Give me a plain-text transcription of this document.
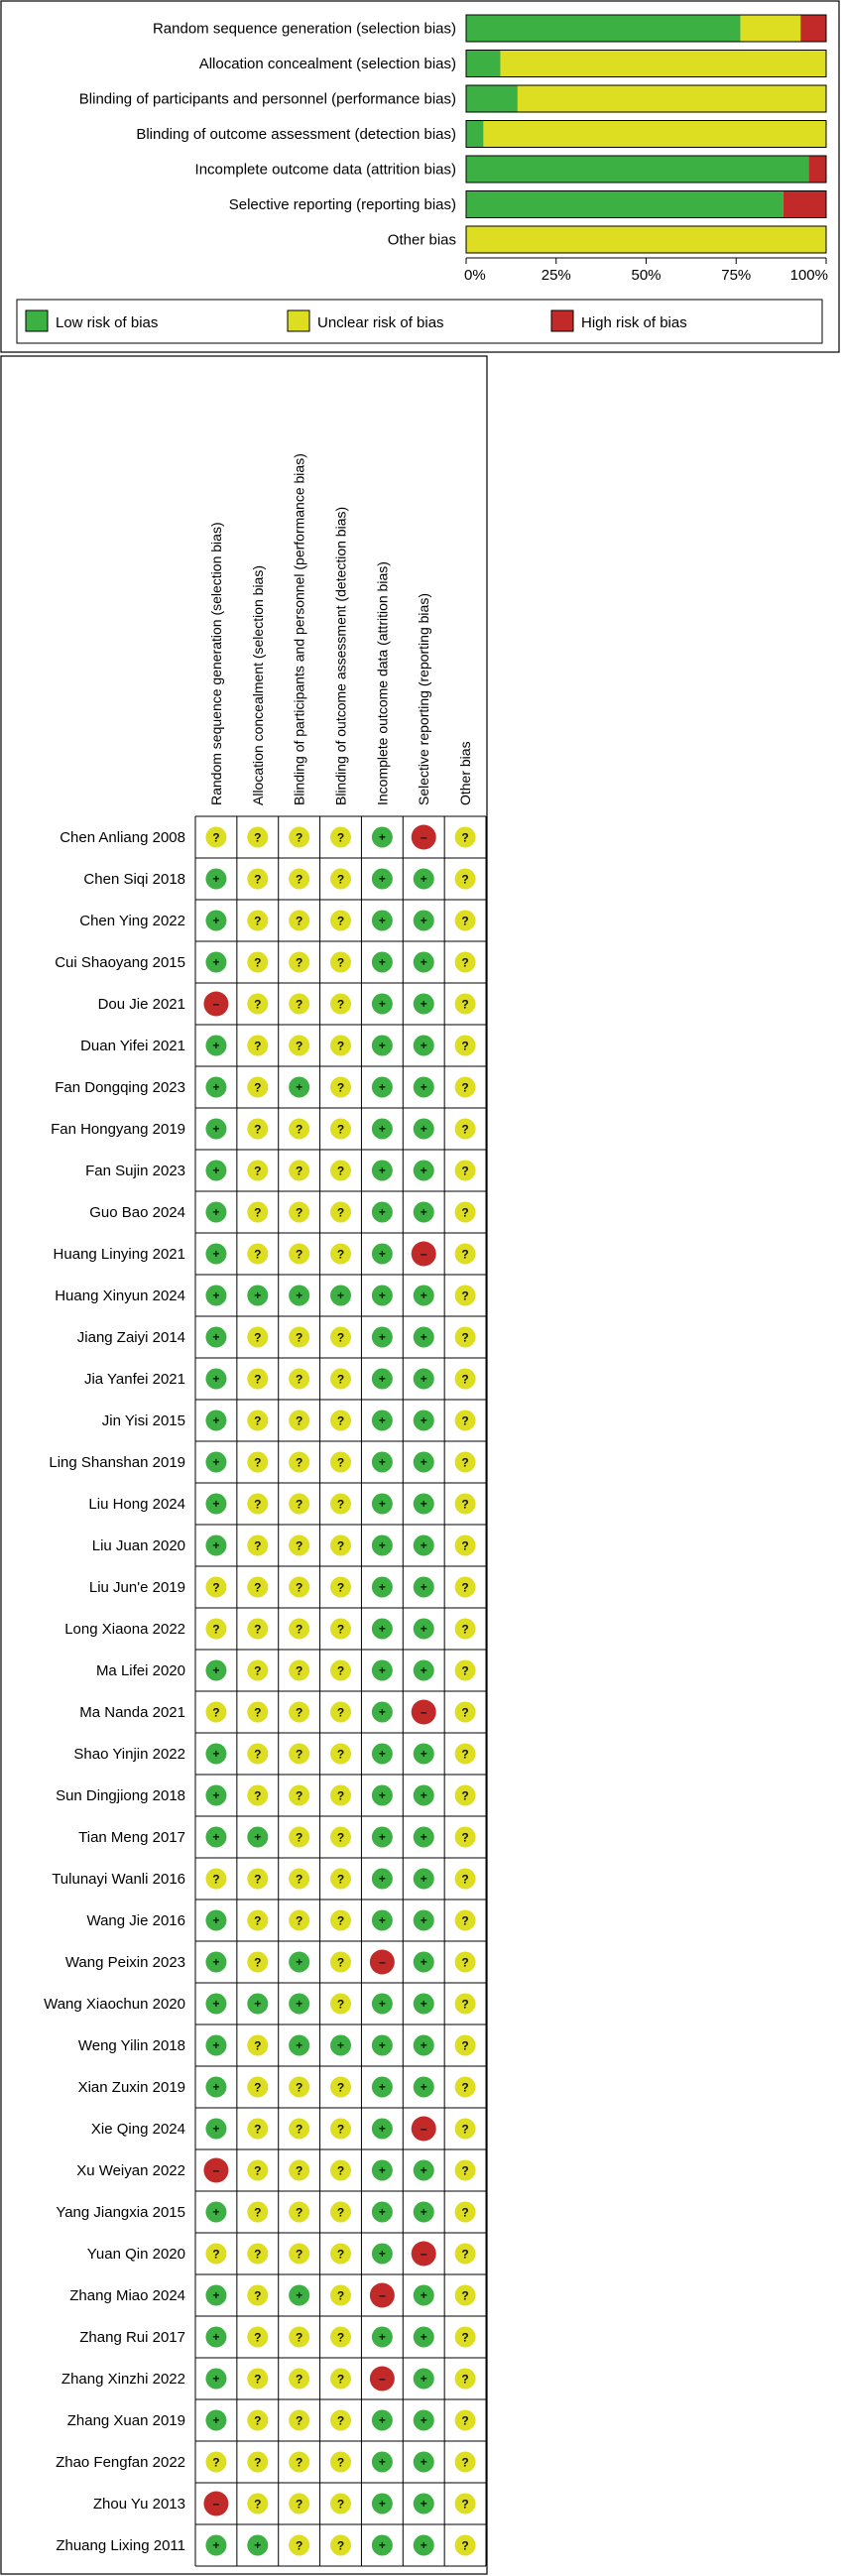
Random sequence generation (selection bias)
Allocation concealment (selection bias)
Blinding of participants and personnel (performance bias)
Blinding of outcome assessment (detection bias)
Incomplete outcome data (attrition bias)
Selective reporting (reporting bias)
Other bias
0%	25%	50%	75%	100%
Low risk of bias	Unclear risk of bias	High risk of bias
Random sequence generation (selection bias) Allocation concealment (selection bias) Blinding of participants and personnel (performance bias) Blinding of outcome assessment (detection bias) Incomplete outcome data (attrition bias) Selective reporting (reporting bias) Other bias
Chen Anliang 2008 ?	?	?	?	+	–	?
Chen Siqi 2018 +	?	?	?	+	+	?
Chen Ying 2022 +	?	?	?	+	+	?
Cui Shaoyang 2015 +	?	?	?	+	+	?
Dou Jie 2021 –	?	?	?	+	+	?
Duan Yifei 2021 +	?	?	?	+	+	?
Fan Dongqing 2023 +	?	+	?	+	+	?
Fan Hongyang 2019 +	?	?	?	+	+	?
Fan Sujin 2023 +	?	?	?	+	+	?
Guo Bao 2024 +	?	?	?	+	+	?
Huang Linying 2021 +	?	?	?	+	–	?
Huang Xinyun 2024 +	+	+	+	+	+	?
Jiang Zaiyi 2014 +	?	?	?	+	+	?
Jia Yanfei 2021 +	?	?	?	+	+	?
Jin Yisi 2015 +	?	?	?	+	+	?
Ling Shanshan 2019 +	?	?	?	+	+	?
Liu Hong 2024 +	?	?	?	+	+	?
Liu Juan 2020 +	?	?	?	+	+	?
Liu Jun'e 2019 ?	?	?	?	+	+	?
Long Xiaona 2022 ?	?	?	?	+	+	?
Ma Lifei 2020 +	?	?	?	+	+	?
Ma Nanda 2021 ?	?	?	?	+	–	?
Shao Yinjin 2022 +	?	?	?	+	+	?
Sun Dingjiong 2018 +	?	?	?	+	+	?
Tian Meng 2017 +	+	?	?	+	+	?
Tulunayi Wanli 2016 ?	?	?	?	+	+	?
Wang Jie 2016 +	?	?	?	+	+	?
Wang Peixin 2023 +	?	+	?	–	+	?
Wang Xiaochun 2020 +	+	+	?	+	+	?
Weng Yilin 2018 +	?	+	+	+	+	?
Xian Zuxin 2019 +	?	?	?	+	+	?
Xie Qing 2024 +	?	?	?	+	–	?
Xu Weiyan 2022 –	?	?	?	+	+	?
Yang Jiangxia 2015 +	?	?	?	+	+	?
Yuan Qin 2020 ?	?	?	?	+	–	?
Zhang Miao 2024 +	?	+	?	–	+	?
Zhang Rui 2017 +	?	?	?	+	+	?
Zhang Xinzhi 2022 +	?	?	?	–	+	?
Zhang Xuan 2019 +	?	?	?	+	+	?
Zhao Fengfan 2022 ?	?	?	?	+	+	?
Zhou Yu 2013 –	?	?	?	+	+	?
Zhuang Lixing 2011 +	+	?	?	+	+	?
